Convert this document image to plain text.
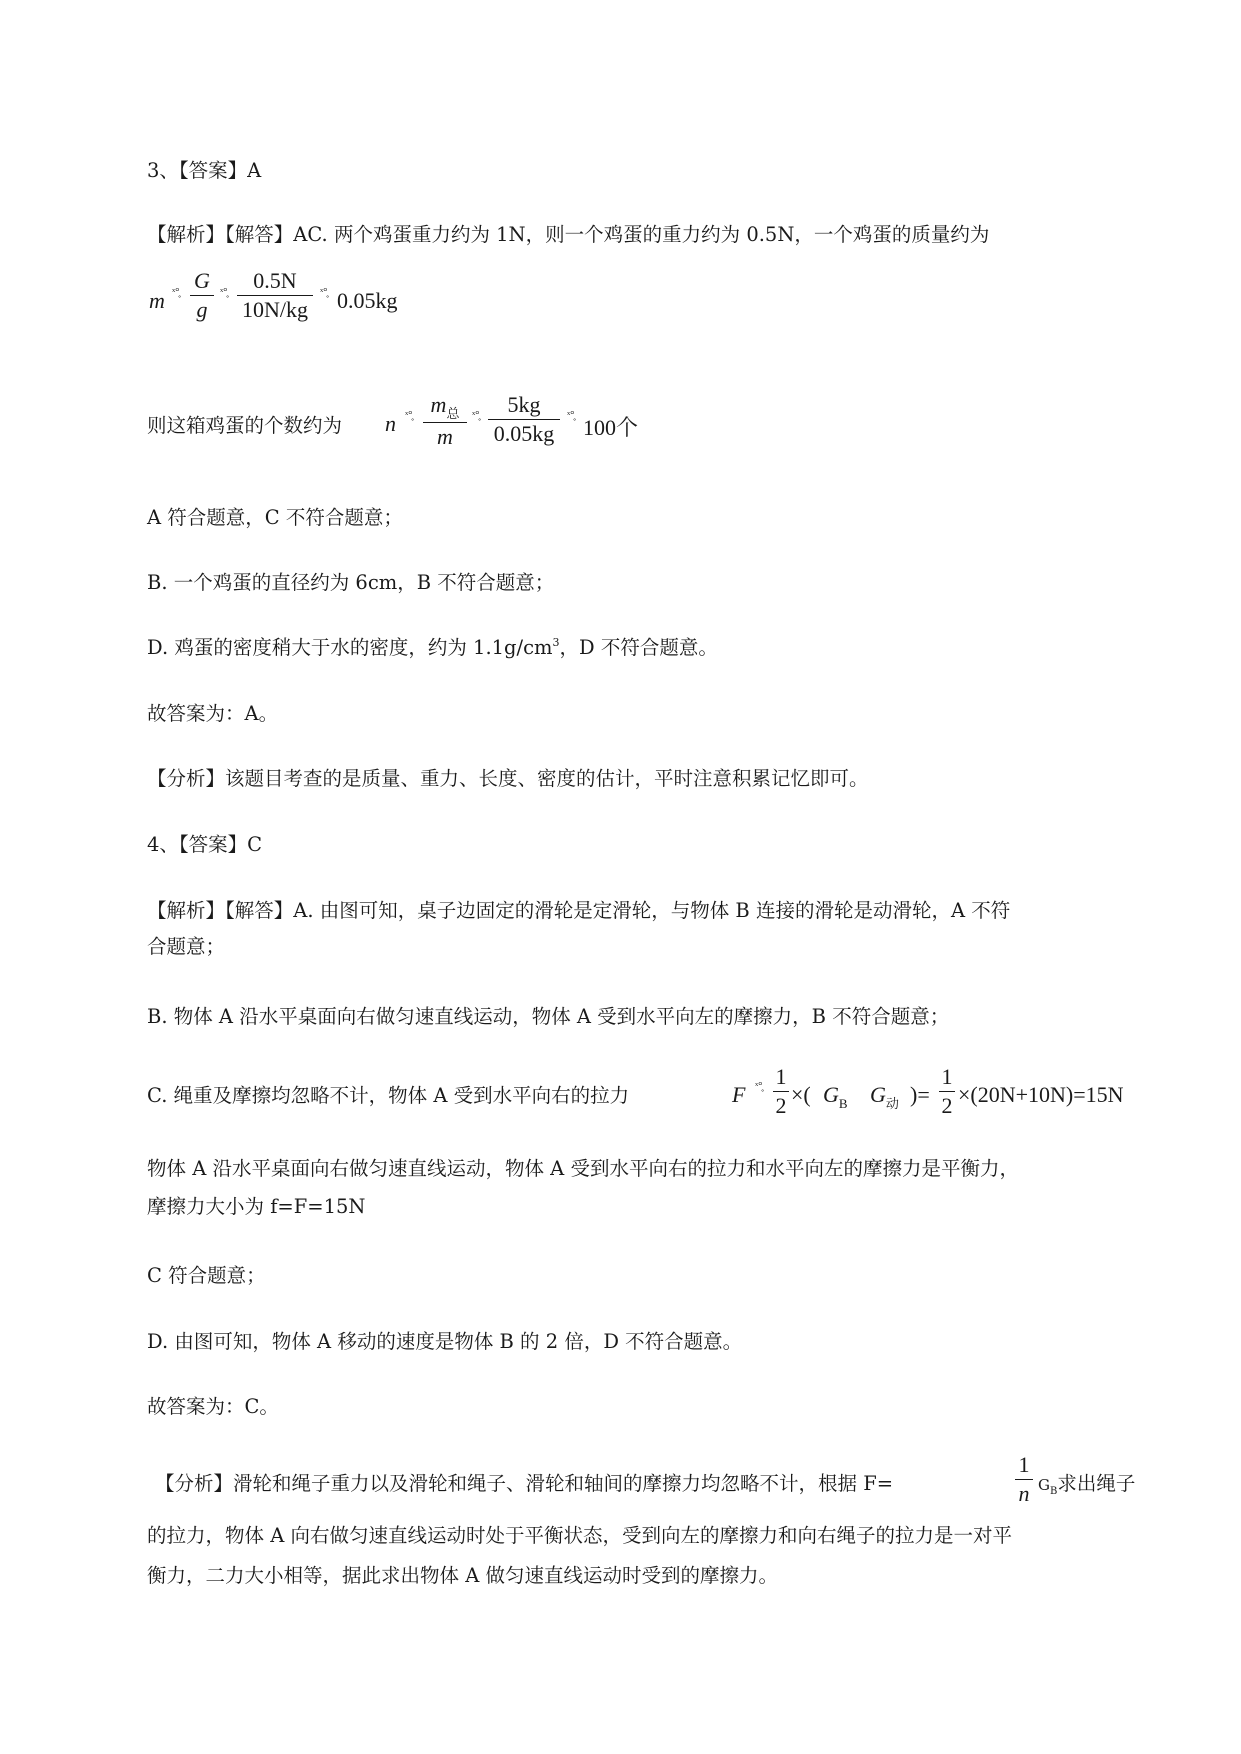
3、【答案】A
【解析】【解答】AC. 两个鸡蛋重力约为 1N，则一个鸡蛋的重力约为 0.5N，一个鸡蛋的质量约为
m ˣ°̥ G
g
ˣ°̥	0.5N
10N/kg
ˣ°̥ 0.05kg
则这箱鸡蛋的个数约为 n ˣ°̥ $m_总$
m
ˣ°̥	5kg
0.05kg
ˣ°̥ 100个
A 符合题意，C 不符合题意；
B. 一个鸡蛋的直径约为 6cm，B 不符合题意；
D. 鸡蛋的密度稍大于水的密度，约为 $1.1g/cm^3$，D 不符合题意。
故答案为：A。
【分析】该题目考查的是质量、重力、长度、密度的估计，平时注意积累记忆即可。
4、【答案】C
【解析】【解答】A. 由图可知，桌子边固定的滑轮是定滑轮，与物体 B 连接的滑轮是动滑轮，A 不符
合题意；
B. 物体 A 沿水平桌面向右做匀速直线运动，物体 A 受到水平向左的摩擦力，B 不符合题意；
C. 绳重及摩擦均忽略不计，物体 A 受到水平向右的拉力	F ˣ°̥ 1
2 ×( $G_B$ $G_动$ )=
1
2 ×(20N+10N)=15N
物体 A 沿水平桌面向右做匀速直线运动，物体 A 受到水平向右的拉力和水平向左的摩擦力是平衡力，
摩擦力大小为 f=F=15N
C 符合题意；
D. 由图可知，物体 A 移动的速度是物体 B 的 2 倍，D 不符合题意。
故答案为：C。
【分析】滑轮和绳子重力以及滑轮和绳子、滑轮和轴间的摩擦力均忽略不计，根据 F=
1
n $G_B$求出绳子
的拉力，物体 A 向右做匀速直线运动时处于平衡状态，受到向左的摩擦力和向右绳子的拉力是一对平
衡力，二力大小相等，据此求出物体 A 做匀速直线运动时受到的摩擦力。
